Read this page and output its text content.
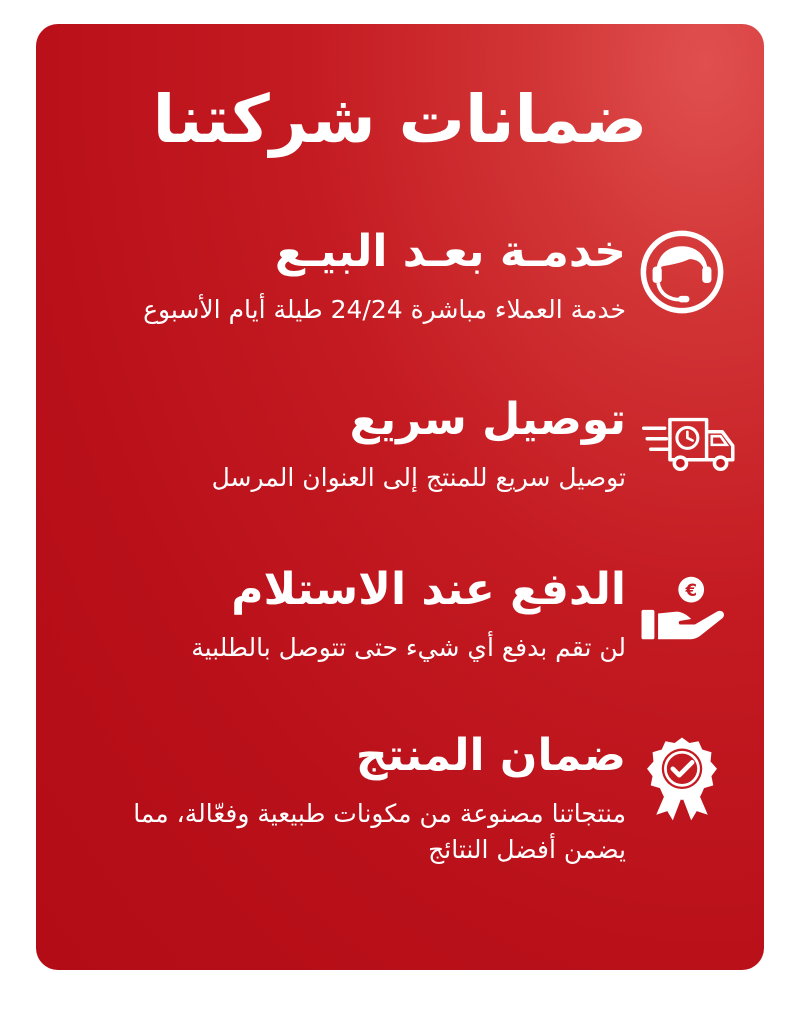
ضمانات شركتنا
خدمـة بعـد البيـع

خدمة العملاء مباشرة 24/24 طيلة أيام الأسبوع

توصيل سريع

توصيل سريع للمنتج إلى العنوان المرسل

€
الدفع عند الاستلام

لن تقم بدفع أي شيء حتى تتوصل بالطلبية

ضمان المنتج

منتجاتنا مصنوعة من مكونات طبيعية وفعّالة، مما يضمن أفضل النتائج
